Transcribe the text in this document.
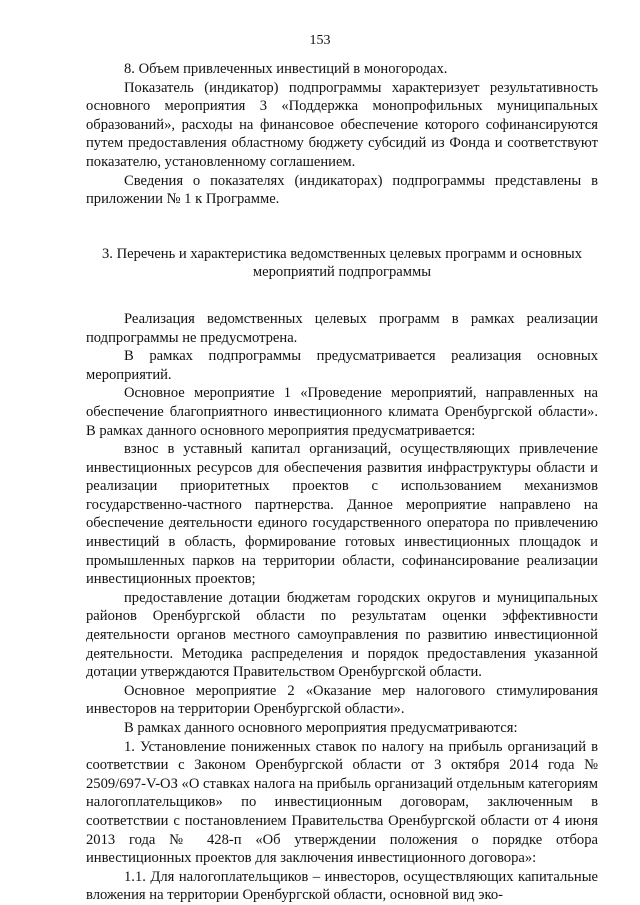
153

8. Объем привлеченных инвестиций в моногородах.

Показатель (индикатор) подпрограммы характеризует результативность основного мероприятия 3 «Поддержка монопрофильных муниципальных образований», расходы на финансовое обеспечение которого софинансируются путем предоставления областному бюджету субсидий из Фонда и соответствуют показателю, установленному соглашением.

Сведения о показателях (индикаторах) подпрограммы представлены в приложении № 1 к Программе.

3. Перечень и характеристика ведомственных целевых программ и основных мероприятий подпрограммы

Реализация ведомственных целевых программ в рамках реализации подпрограммы не предусмотрена.

В рамках подпрограммы предусматривается реализация основных мероприятий.

Основное мероприятие 1 «Проведение мероприятий, направленных на обеспечение благоприятного инвестиционного климата Оренбургской области». В рамках данного основного мероприятия предусматривается:

взнос в уставный капитал организаций, осуществляющих привлечение инвестиционных ресурсов для обеспечения развития инфраструктуры области и реализации приоритетных проектов с использованием механизмов государственно-частного партнерства. Данное мероприятие направлено на обеспечение деятельности единого государственного оператора по привлечению инвестиций в область, формирование готовых инвестиционных площадок и промышленных парков на территории области, софинансирование реализации инвестиционных проектов;

предоставление дотации бюджетам городских округов и муниципальных районов Оренбургской области по результатам оценки эффективности деятельности органов местного самоуправления по развитию инвестиционной деятельности. Методика распределения и порядок предоставления указанной дотации утверждаются Правительством Оренбургской области.

Основное мероприятие 2 «Оказание мер налогового стимулирования инвесторов на территории Оренбургской области».

В рамках данного основного мероприятия предусматриваются:

1. Установление пониженных ставок по налогу на прибыль организаций в соответствии с Законом Оренбургской области от 3 октября 2014 года № 2509/697-V-ОЗ «О ставках налога на прибыль организаций отдельным категориям налогоплательщиков» по инвестиционным договорам, заключенным в соответствии с постановлением Правительства Оренбургской области от 4 июня 2013 года № 428-п «Об утверждении положения о порядке отбора инвестиционных проектов для заключения инвестиционного договора»:

1.1. Для налогоплательщиков – инвесторов, осуществляющих капитальные вложения на территории Оренбургской области, основной вид эко-
